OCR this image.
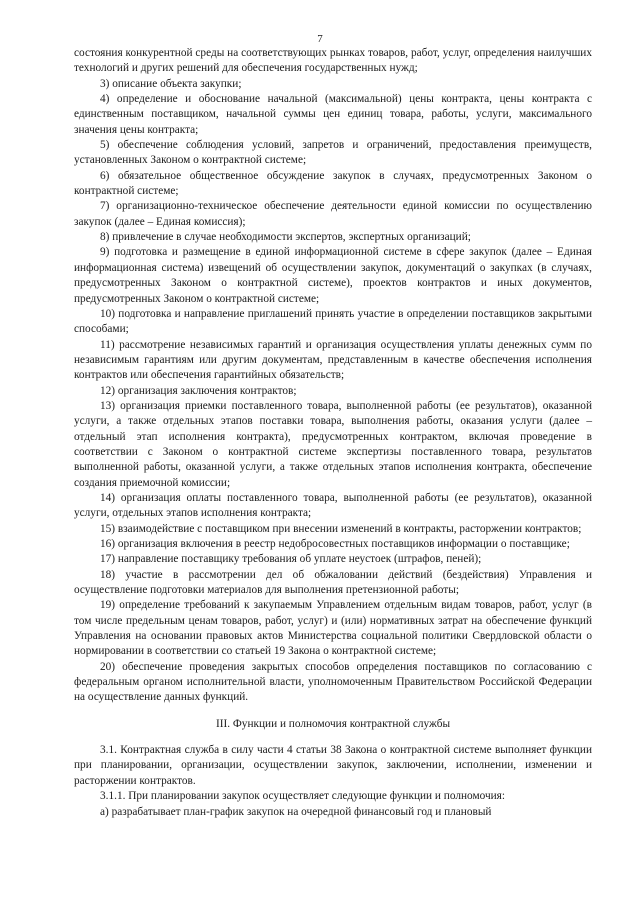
7

состояния конкурентной среды на соответствующих рынках товаров, работ, услуг, определения наилучших технологий и других решений для обеспечения государственных нужд;

3) описание объекта закупки;

4) определение и обоснование начальной (максимальной) цены контракта, цены контракта с единственным поставщиком, начальной суммы цен единиц товара, работы, услуги, максимального значения цены контракта;

5) обеспечение соблюдения условий, запретов и ограничений, предоставления преимуществ, установленных Законом о контрактной системе;

6) обязательное общественное обсуждение закупок в случаях, предусмотренных Законом о контрактной системе;

7) организационно-техническое обеспечение деятельности единой комиссии по осуществлению закупок (далее – Единая комиссия);

8) привлечение в случае необходимости экспертов, экспертных организаций;

9) подготовка и размещение в единой информационной системе в сфере закупок (далее – Единая информационная система) извещений об осуществлении закупок, документаций о закупках (в случаях, предусмотренных Законом о контрактной системе), проектов контрактов и иных документов, предусмотренных Законом о контрактной системе;

10) подготовка и направление приглашений принять участие в определении поставщиков закрытыми способами;

11) рассмотрение независимых гарантий и организация осуществления уплаты денежных сумм по независимым гарантиям или другим документам, представленным в качестве обеспечения исполнения контрактов или обеспечения гарантийных обязательств;

12) организация заключения контрактов;

13) организация приемки поставленного товара, выполненной работы (ее результатов), оказанной услуги, а также отдельных этапов поставки товара, выполнения работы, оказания услуги (далее – отдельный этап исполнения контракта), предусмотренных контрактом, включая проведение в соответствии с Законом о контрактной системе экспертизы поставленного товара, результатов выполненной работы, оказанной услуги, а также отдельных этапов исполнения контракта, обеспечение создания приемочной комиссии;

14) организация оплаты поставленного товара, выполненной работы (ее результатов), оказанной услуги, отдельных этапов исполнения контракта;

15) взаимодействие с поставщиком при внесении изменений в контракты, расторжении контрактов;

16) организация включения в реестр недобросовестных поставщиков информации о поставщике;

17) направление поставщику требования об уплате неустоек (штрафов, пеней);

18) участие в рассмотрении дел об обжаловании действий (бездействия) Управления и осуществление подготовки материалов для выполнения претензионной работы;

19) определение требований к закупаемым Управлением отдельным видам товаров, работ, услуг (в том числе предельным ценам товаров, работ, услуг) и (или) нормативных затрат на обеспечение функций Управления на основании правовых актов Министерства социальной политики Свердловской области о нормировании в соответствии со статьей 19 Закона о контрактной системе;

20) обеспечение проведения закрытых способов определения поставщиков по согласованию с федеральным органом исполнительной власти, уполномоченным Правительством Российской Федерации на осуществление данных функций.

III. Функции и полномочия контрактной службы

3.1. Контрактная служба в силу части 4 статьи 38 Закона о контрактной системе выполняет функции при планировании, организации, осуществлении закупок, заключении, исполнении, изменении и расторжении контрактов.

3.1.1. При планировании закупок осуществляет следующие функции и полномочия:

а) разрабатывает план-график закупок на очередной финансовый год и плановый
